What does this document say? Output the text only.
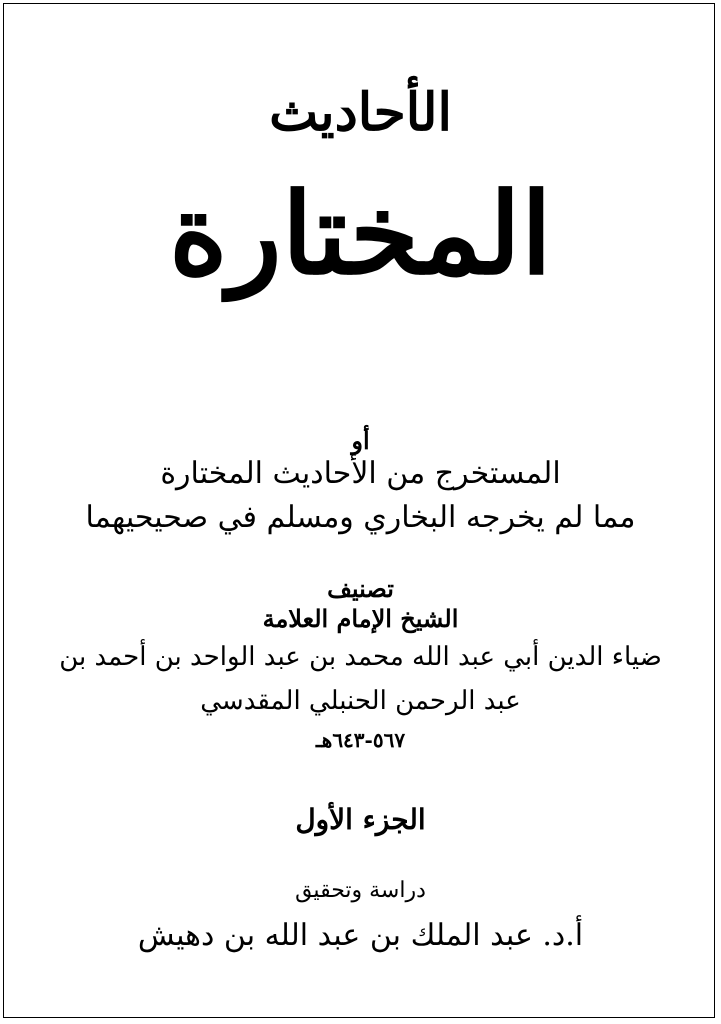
الأحاديث
المختارة
أو
المستخرج من الأحاديث المختارة
مما لم يخرجه البخاري ومسلم في صحيحيهما
تصنيف
الشيخ الإمام العلامة
ضياء الدين أبي عبد الله محمد بن عبد الواحد بن أحمد بن
عبد الرحمن الحنبلي المقدسي
٥٦٧-٦٤٣هـ
الجزء الأول
دراسة وتحقيق
أ.د. عبد الملك بن عبد الله بن دهيش
